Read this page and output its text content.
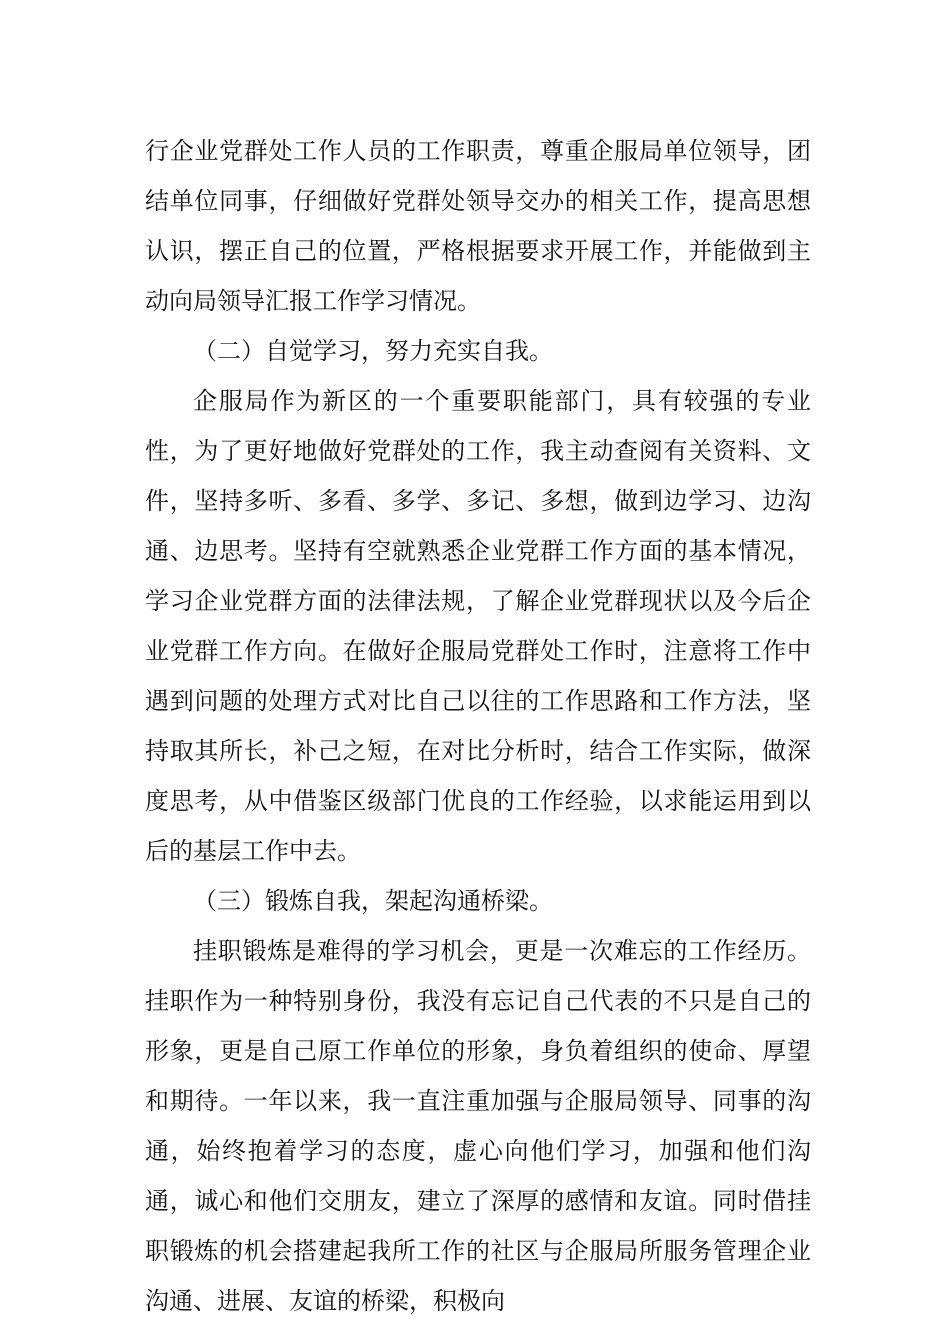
行企业党群处工作人员的工作职责，尊重企服局单位领导，团结单位同事，仔细做好党群处领导交办的相关工作，提高思想认识，摆正自己的位置，严格根据要求开展工作，并能做到主动向局领导汇报工作学习情况。

（二）自觉学习，努力充实自我。

企服局作为新区的一个重要职能部门，具有较强的专业性，为了更好地做好党群处的工作，我主动查阅有关资料、文件，坚持多听、多看、多学、多记、多想，做到边学习、边沟通、边思考。坚持有空就熟悉企业党群工作方面的基本情况，学习企业党群方面的法律法规，了解企业党群现状以及今后企业党群工作方向。在做好企服局党群处工作时，注意将工作中遇到问题的处理方式对比自己以往的工作思路和工作方法，坚持取其所长，补己之短，在对比分析时，结合工作实际，做深度思考，从中借鉴区级部门优良的工作经验，以求能运用到以后的基层工作中去。

（三）锻炼自我，架起沟通桥梁。

挂职锻炼是难得的学习机会，更是一次难忘的工作经历。挂职作为一种特别身份，我没有忘记自己代表的不只是自己的形象，更是自己原工作单位的形象，身负着组织的使命、厚望和期待。一年以来，我一直注重加强与企服局领导、同事的沟通，始终抱着学习的态度，虚心向他们学习，加强和他们沟通，诚心和他们交朋友，建立了深厚的感情和友谊。同时借挂职锻炼的机会搭建起我所工作的社区与企服局所服务管理企业沟通、进展、友谊的桥梁，积极向
